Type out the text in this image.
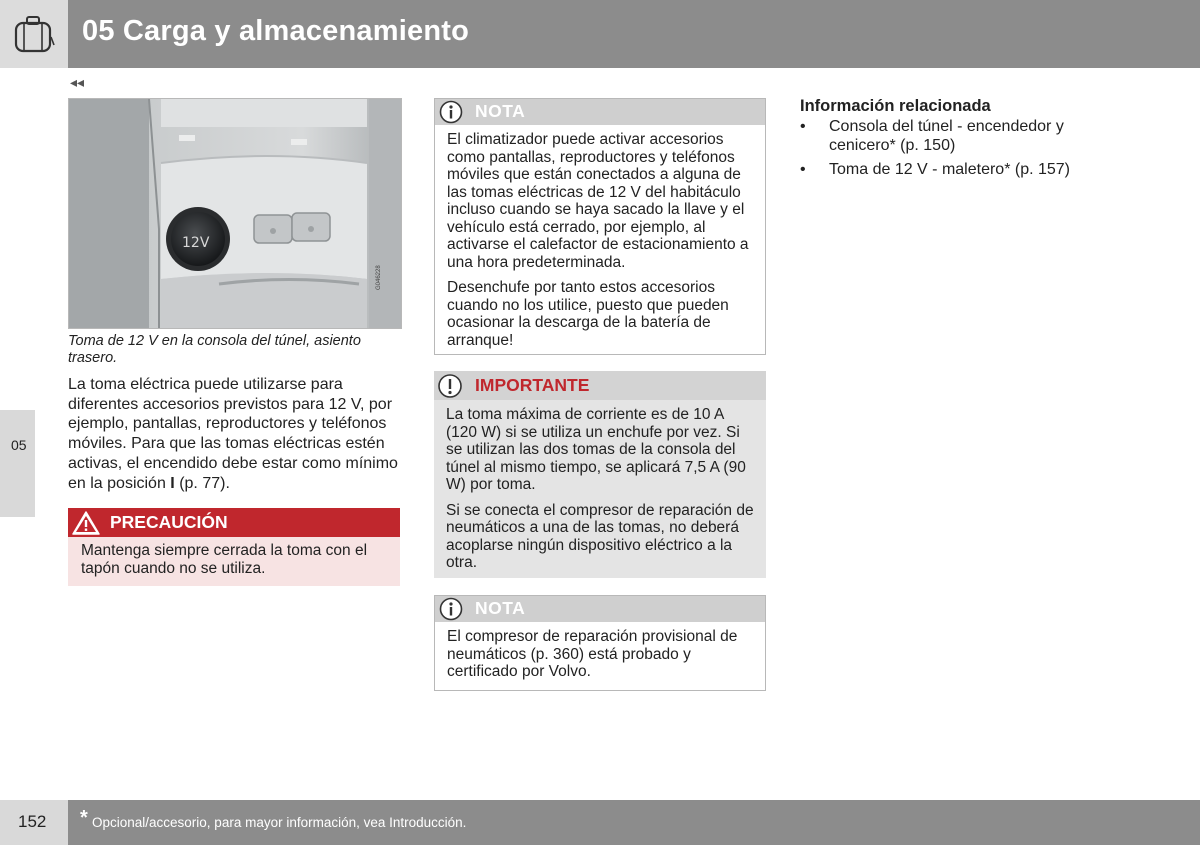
05 Carga y almacenamiento
◂◂
05
12V
G046228
Toma de 12 V en la consola del túnel, asiento trasero.
La toma eléctrica puede utilizarse para diferentes accesorios previstos para 12 V, por ejemplo, pantallas, reproductores y teléfonos móviles. Para que las tomas eléctricas estén activas, el encendido debe estar como mínimo en la posición I (p. 77).
PRECAUCIÓN
Mantenga siempre cerrada la toma con el tapón cuando no se utiliza.
NOTA

El climatizador puede activar accesorios como pantallas, reproductores y teléfonos móviles que están conectados a alguna de las tomas eléctricas de 12 V del habitáculo incluso cuando se haya sacado la llave y el vehículo está cerrado, por ejemplo, al activarse el calefactor de estacionamiento a una hora predeterminada.

Desenchufe por tanto estos accesorios cuando no los utilice, puesto que pueden ocasionar la descarga de la batería de arranque!

IMPORTANTE

La toma máxima de corriente es de 10 A (120 W) si se utiliza un enchufe por vez. Si se utilizan las dos tomas de la consola del túnel al mismo tiempo, se aplicará 7,5 A (90 W) por toma.

Si se conecta el compresor de reparación de neumáticos a una de las tomas, no deberá acoplarse ningún dispositivo eléctrico a la otra.

NOTA

El compresor de reparación provisional de neumáticos (p. 360) está probado y certificado por Volvo.

Información relacionada
• Consola del túnel - encendedor y cenicero* (p. 150)
• Toma de 12 V - maletero* (p. 157)
152 * Opcional/accesorio, para mayor información, vea Introducción.
